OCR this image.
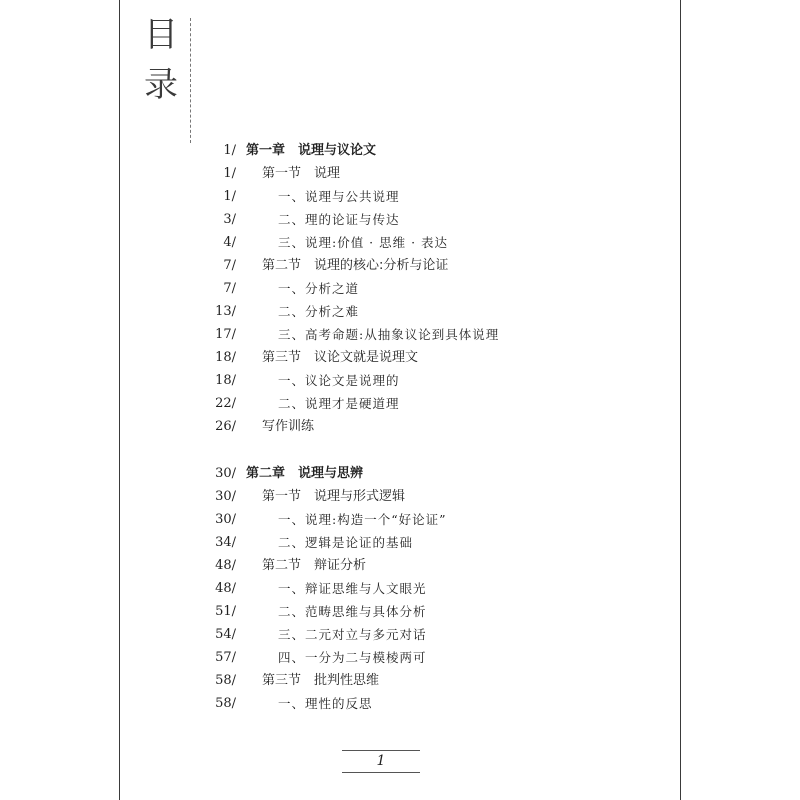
目
录
1/ 第一章　说理与议论文
1/ 第一节　说理
1/	一、说理与公共说理
3/	二、理的论证与传达
4/	三、说理:价值 · 思维 · 表达
7/ 第二节　说理的核心:分析与论证
7/	一、分析之道
13/	二、分析之难
17/	三、高考命题:从抽象议论到具体说理
18/ 第三节　议论文就是说理文
18/	一、议论文是说理的
22/	二、说理才是硬道理
26/ 写作训练
30/ 第二章　说理与思辨
30/ 第一节　说理与形式逻辑
30/	一、说理:构造一个“好论证”
34/	二、逻辑是论证的基础
48/ 第二节　辩证分析
48/	一、辩证思维与人文眼光
51/	二、范畴思维与具体分析
54/	三、二元对立与多元对话
57/	四、一分为二与模棱两可
58/ 第三节　批判性思维
58/	一、理性的反思
1
